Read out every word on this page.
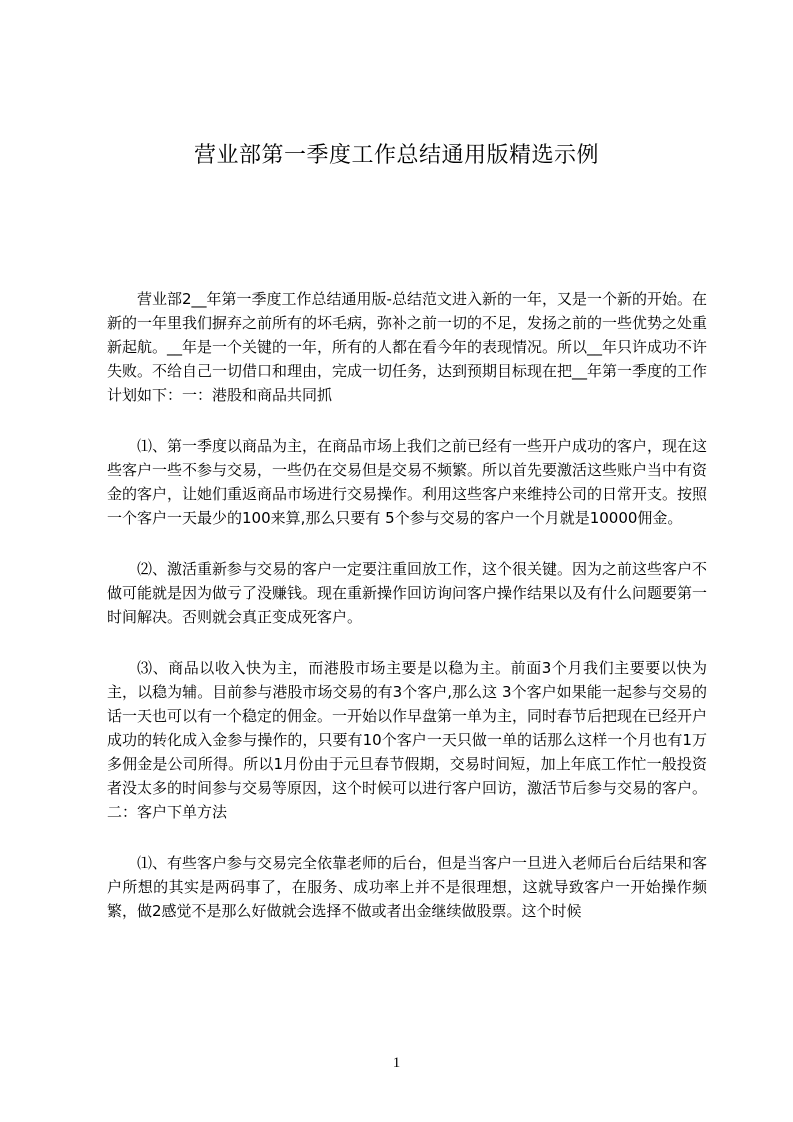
营业部第一季度工作总结通用版精选示例

营业部2__年第一季度工作总结通用版-总结范文进入新的一年，又是一个新的开始。在新的一年里我们摒弃之前所有的坏毛病，弥补之前一切的不足，发扬之前的一些优势之处重新起航。__年是一个关键的一年，所有的人都在看今年的表现情况。所以__年只许成功不许失败。不给自己一切借口和理由，完成一切任务，达到预期目标现在把__年第一季度的工作计划如下：一：港股和商品共同抓

⑴、第一季度以商品为主，在商品市场上我们之前已经有一些开户成功的客户，现在这些客户一些不参与交易，一些仍在交易但是交易不频繁。所以首先要激活这些账户当中有资金的客户，让她们重返商品市场进行交易操作。利用这些客户来维持公司的日常开支。按照一个客户一天最少的100来算,那么只要有 5个参与交易的客户一个月就是10000佣金。

⑵、激活重新参与交易的客户一定要注重回放工作，这个很关键。因为之前这些客户不做可能就是因为做亏了没赚钱。现在重新操作回访询问客户操作结果以及有什么问题要第一时间解决。否则就会真正变成死客户。

⑶、商品以收入快为主，而港股市场主要是以稳为主。前面3个月我们主要要以快为主，以稳为辅。目前参与港股市场交易的有3个客户,那么这 3个客户如果能一起参与交易的话一天也可以有一个稳定的佣金。一开始以作早盘第一单为主，同时春节后把现在已经开户成功的转化成入金参与操作的，只要有10个客户一天只做一单的话那么这样一个月也有1万多佣金是公司所得。所以1月份由于元旦春节假期，交易时间短，加上年底工作忙一般投资者没太多的时间参与交易等原因，这个时候可以进行客户回访，激活节后参与交易的客户。二：客户下单方法

⑴、有些客户参与交易完全依靠老师的后台，但是当客户一旦进入老师后台后结果和客户所想的其实是两码事了，在服务、成功率上并不是很理想，这就导致客户一开始操作频繁，做2感觉不是那么好做就会选择不做或者出金继续做股票。这个时候

1
